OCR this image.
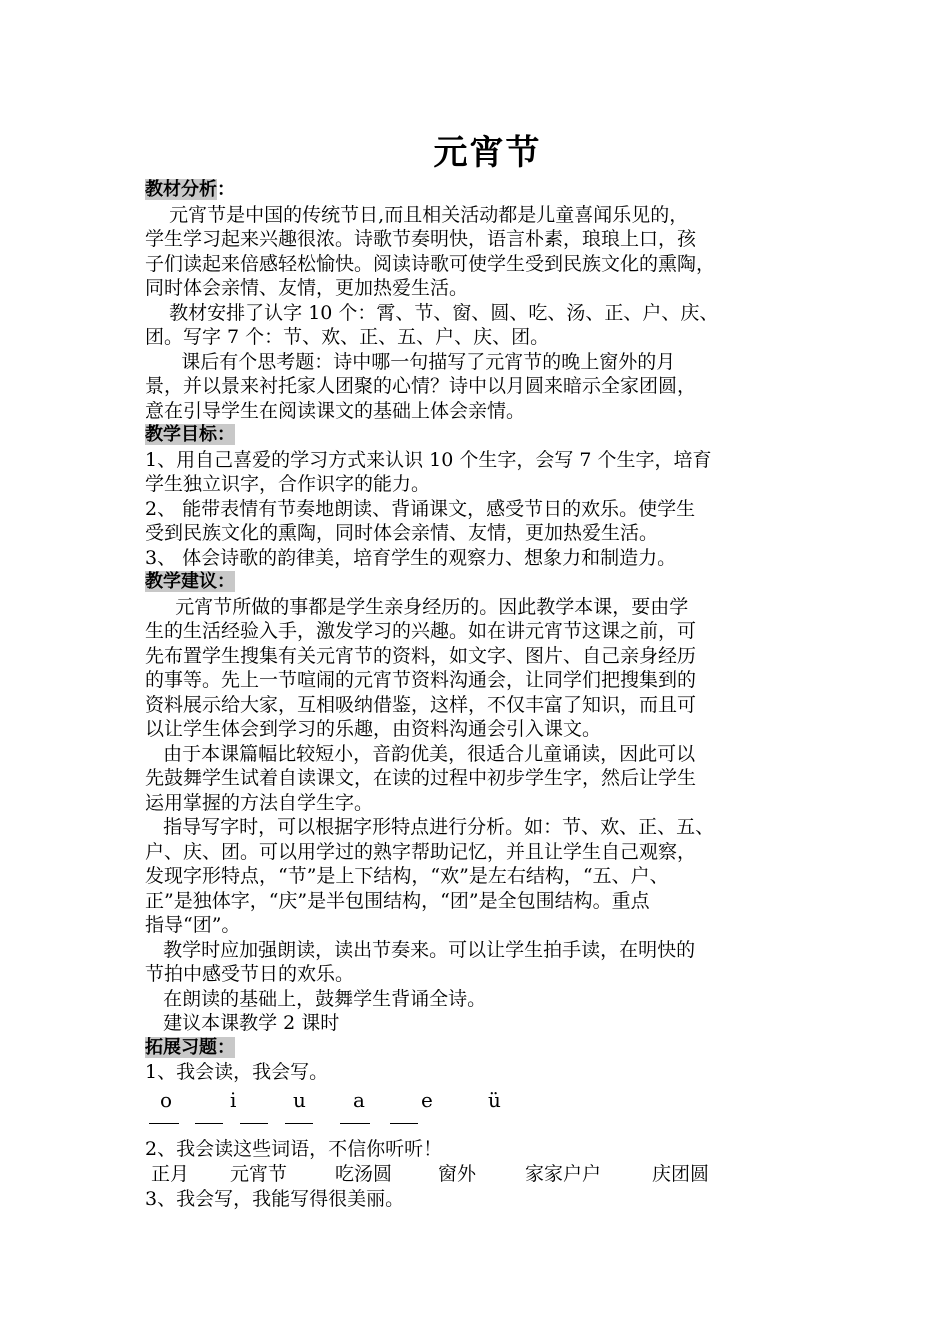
元宵节
教材分析：
元宵节是中国的传统节日,而且相关活动都是儿童喜闻乐见的，
学生学习起来兴趣很浓。诗歌节奏明快，语言朴素，琅琅上口，孩
子们读起来倍感轻松愉快。阅读诗歌可使学生受到民族文化的熏陶，
同时体会亲情、友情，更加热爱生活。
教材安排了认字 10 个：霄、节、窗、圆、吃、汤、正、户、庆、
团。写字 7 个：节、欢、正、五、户、庆、团。
课后有个思考题：诗中哪一句描写了元宵节的晚上窗外的月
景，并以景来衬托家人团聚的心情？诗中以月圆来暗示全家团圆，
意在引导学生在阅读课文的基础上体会亲情。
教学目标：
1、用自己喜爱的学习方式来认识 10 个生字，会写 7 个生字，培育
学生独立识字，合作识字的能力。
2、 能带表情有节奏地朗读、背诵课文，感受节日的欢乐。使学生
受到民族文化的熏陶，同时体会亲情、友情，更加热爱生活。
3、 体会诗歌的韵律美，培育学生的观察力、想象力和制造力。
教学建议：
元宵节所做的事都是学生亲身经历的。因此教学本课，要由学
生的生活经验入手，激发学习的兴趣。如在讲元宵节这课之前，可
先布置学生搜集有关元宵节的资料，如文字、图片、自己亲身经历
的事等。先上一节喧闹的元宵节资料沟通会，让同学们把搜集到的
资料展示给大家，互相吸纳借鉴，这样，不仅丰富了知识，而且可
以让学生体会到学习的乐趣，由资料沟通会引入课文。
由于本课篇幅比较短小，音韵优美，很适合儿童诵读，因此可以
先鼓舞学生试着自读课文，在读的过程中初步学生字，然后让学生
运用掌握的方法自学生字。
指导写字时，可以根据字形特点进行分析。如：节、欢、正、五、
户、庆、团。可以用学过的熟字帮助记忆，并且让学生自己观察，
发现字形特点，“节”是上下结构，“欢”是左右结构，“五、户、
正”是独体字，“庆”是半包围结构，“团”是全包围结构。重点
指导“团”。
教学时应加强朗读，读出节奏来。可以让学生拍手读，在明快的
节拍中感受节日的欢乐。
在朗读的基础上，鼓舞学生背诵全诗。
建议本课教学 2 课时
拓展习题：
1、我会读，我会写。
o	i	u a	e	ü
2、我会读这些词语，不信你听听！
正月 元宵节	吃汤圆 窗外	家家户户	庆团圆
3、我会写，我能写得很美丽。
